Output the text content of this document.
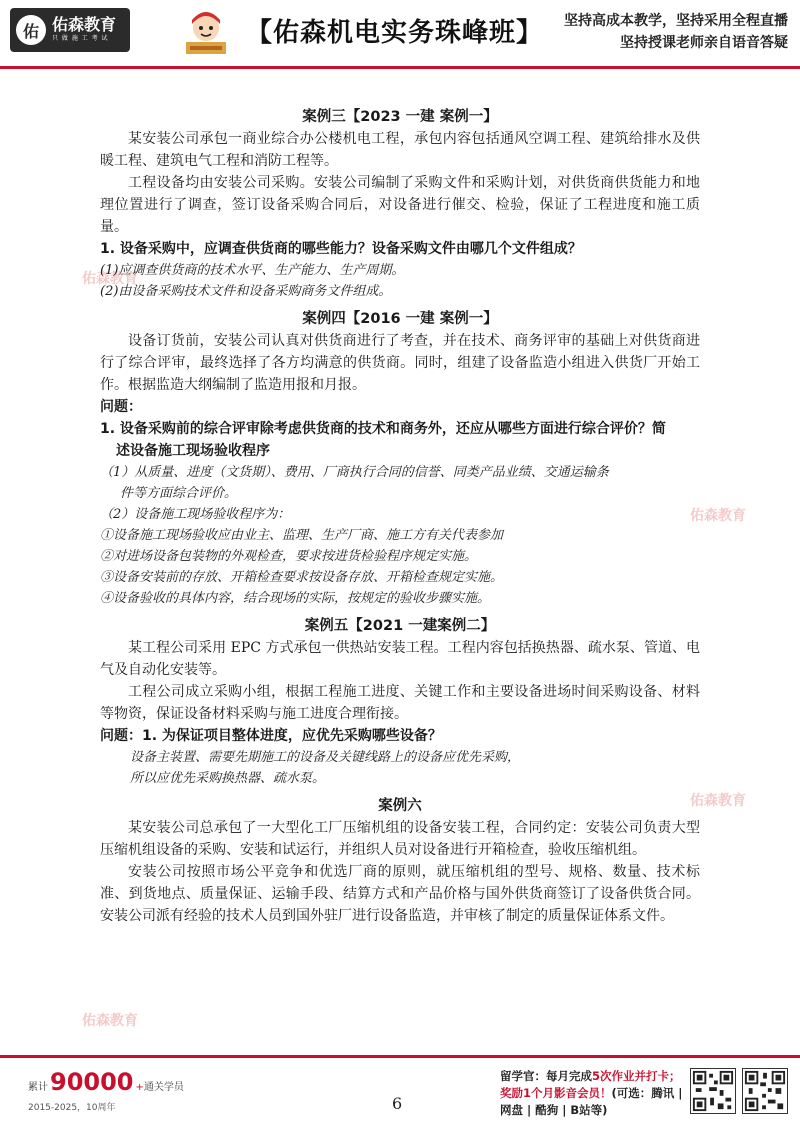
佑 佑森教育
只 做 施 工 考 试	【佑森机电实务珠峰班】 坚持高成本教学，坚持采用全程直播
坚持授课老师亲自语音答疑
佑森教育
佑森教育
佑森教育
佑森教育
案例三【2023 一建 案例一】
某安装公司承包一商业综合办公楼机电工程，承包内容包括通风空调工程、建筑给排水及供暖工程、建筑电气工程和消防工程等。
工程设备均由安装公司采购。安装公司编制了采购文件和采购计划，对供货商供货能力和地理位置进行了调查，签订设备采购合同后，对设备进行催交、检验，保证了工程进度和施工质量。
1. 设备采购中，应调查供货商的哪些能力？设备采购文件由哪几个文件组成？
(1)应调查供货商的技术水平、生产能力、生产周期。
(2)由设备采购技术文件和设备采购商务文件组成。
案例四【2016 一建 案例一】
设备订货前，安装公司认真对供货商进行了考查，并在技术、商务评审的基础上对供货商进行了综合评审，最终选择了各方均满意的供货商。同时，组建了设备监造小组进入供货厂开始工作。根据监造大纲编制了监造用报和月报。
问题：
1. 设备采购前的综合评审除考虑供货商的技术和商务外，还应从哪些方面进行综合评价？简
述设备施工现场验收程序
（1）从质量、进度（文货期）、费用、厂商执行合同的信誉、同类产品业绩、交通运输条
件等方面综合评价。
（2）设备施工现场验收程序为：
①设备施工现场验收应由业主、监理、生产厂商、施工方有关代表参加
②对进场设备包装物的外观检查，要求按进货检验程序规定实施。
③设备安装前的存放、开箱检查要求按设备存放、开箱检查规定实施。
④设备验收的具体内容，结合现场的实际，按规定的验收步骤实施。
案例五【2021 一建案例二】
某工程公司采用 EPC 方式承包一供热站安装工程。工程内容包括换热器、疏水泵、管道、电气及自动化安装等。
工程公司成立采购小组，根据工程施工进度、关键工作和主要设备进场时间采购设备、材料等物资，保证设备材料采购与施工进度合理衔接。
问题：1. 为保证项目整体进度，应优先采购哪些设备？
设备主装置、需要先期施工的设备及关键线路上的设备应优先采购，
所以应优先采购换热器、疏水泵。
案例六
某安装公司总承包了一大型化工厂压缩机组的设备安装工程，合同约定：安装公司负责大型压缩机组设备的采购、安装和试运行，并组织人员对设备进行开箱检查，验收压缩机组。
安装公司按照市场公平竞争和优选厂商的原则，就压缩机组的型号、规格、数量、技术标准、到货地点、质量保证、运输手段、结算方式和产品价格与国外供货商签订了设备供货合同。安装公司派有经验的技术人员到国外驻厂进行设备监造，并审核了制定的质量保证体系文件。
累计 90000 + 通关学员
2015-2025，10周年	6
留学官：每月完成5次作业并打卡；
奖励1个月影音会员！(可选：腾讯 |
网盘 | 酷狗 | B站等)
